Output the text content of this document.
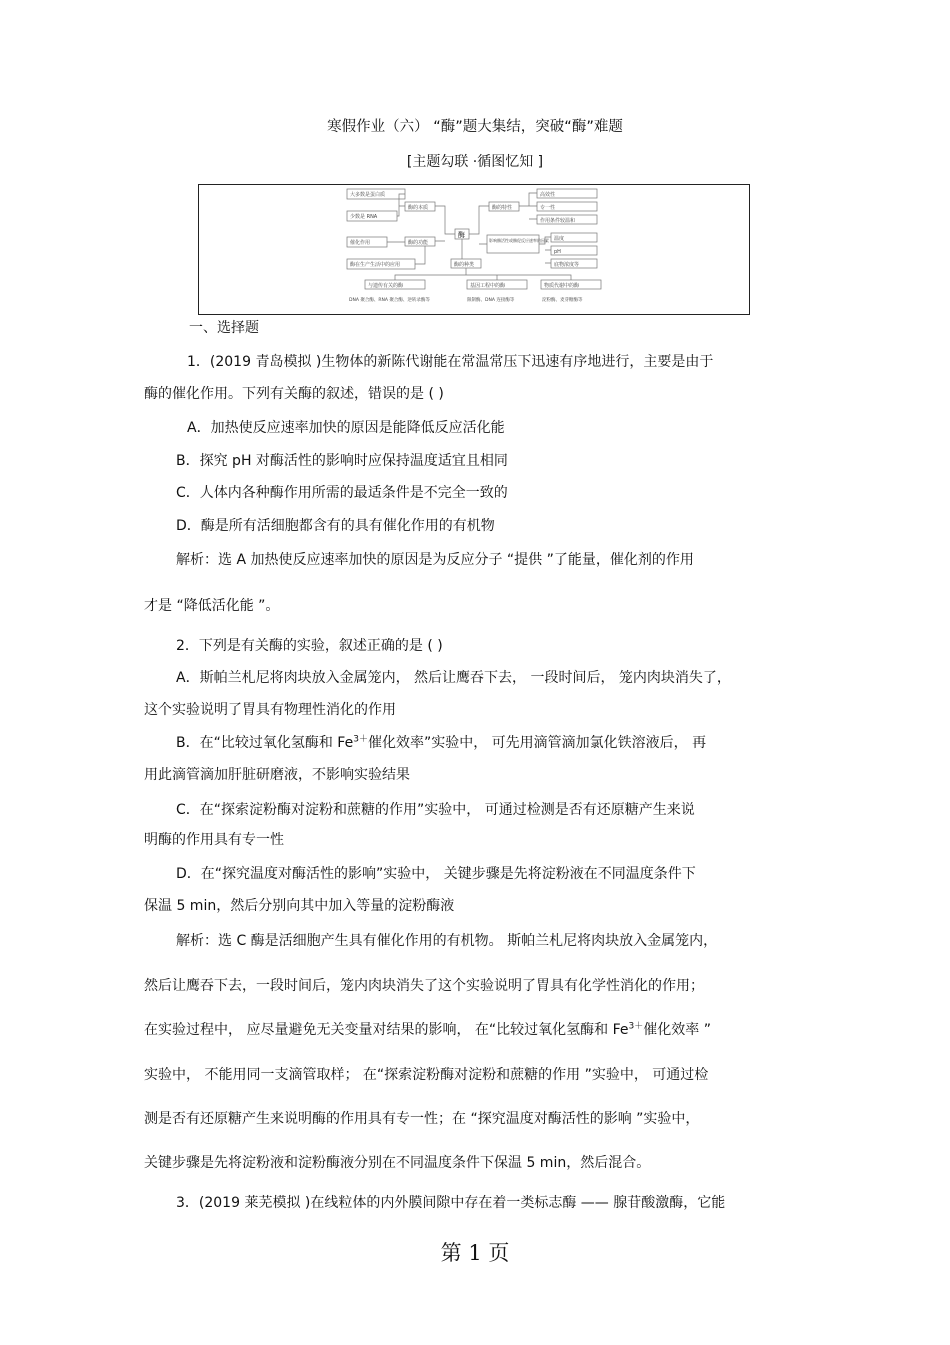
寒假作业（六） “酶”题大集结，突破“酶”难题
[主题勾联 ·循图忆知 ]
大多数是蛋白质
少数是 RNA
催化作用
酶在生产生活中的应用
酶的本质
酶的功能
酶
酶的特性
影响酶活性或酶促反应速率的因素
高效性
专一性
作用条件较温和
温度
pH
底物浓度等
酶的种类
与遗传有关的酶	基因工程中的酶	物质代谢中的酶
DNA 聚合酶、RNA 聚合酶、逆转录酶等	限制酶、DNA 连接酶等	淀粉酶、麦芽糖酶等
一、选择题
1．(2019 青岛模拟 )生物体的新陈代谢能在常温常压下迅速有序地进行，主要是由于
酶的催化作用。下列有关酶的叙述，错误的是 ( )
A．加热使反应速率加快的原因是能降低反应活化能
B．探究 pH 对酶活性的影响时应保持温度适宜且相同
C．人体内各种酶作用所需的最适条件是不完全一致的
D．酶是所有活细胞都含有的具有催化作用的有机物
解析：选 A 加热使反应速率加快的原因是为反应分子 “提供 ”了能量，催化剂的作用
才是 “降低活化能 ”。
2．下列是有关酶的实验，叙述正确的是 ( )
A．斯帕兰札尼将肉块放入金属笼内， 然后让鹰吞下去， 一段时间后， 笼内肉块消失了，
这个实验说明了胃具有物理性消化的作用
B．在“比较过氧化氢酶和 $Fe^{3+}$催化效率”实验中， 可先用滴管滴加氯化铁溶液后， 再
用此滴管滴加肝脏研磨液，不影响实验结果
C．在“探索淀粉酶对淀粉和蔗糖的作用”实验中， 可通过检测是否有还原糖产生来说
明酶的作用具有专一性
D．在“探究温度对酶活性的影响”实验中， 关键步骤是先将淀粉液在不同温度条件下
保温 5 min，然后分别向其中加入等量的淀粉酶液
解析：选 C 酶是活细胞产生具有催化作用的有机物。 斯帕兰札尼将肉块放入金属笼内，
然后让鹰吞下去，一段时间后，笼内肉块消失了这个实验说明了胃具有化学性消化的作用；
在实验过程中， 应尽量避免无关变量对结果的影响， 在“比较过氧化氢酶和 $Fe^{3+}$催化效率 ”
实验中， 不能用同一支滴管取样； 在“探索淀粉酶对淀粉和蔗糖的作用 ”实验中， 可通过检
测是否有还原糖产生来说明酶的作用具有专一性；在 “探究温度对酶活性的影响 ”实验中，
关键步骤是先将淀粉液和淀粉酶液分别在不同温度条件下保温 5 min，然后混合。
3．(2019 莱芜模拟 )在线粒体的内外膜间隙中存在着一类标志酶 —— 腺苷酸激酶，它能
第 1 页
